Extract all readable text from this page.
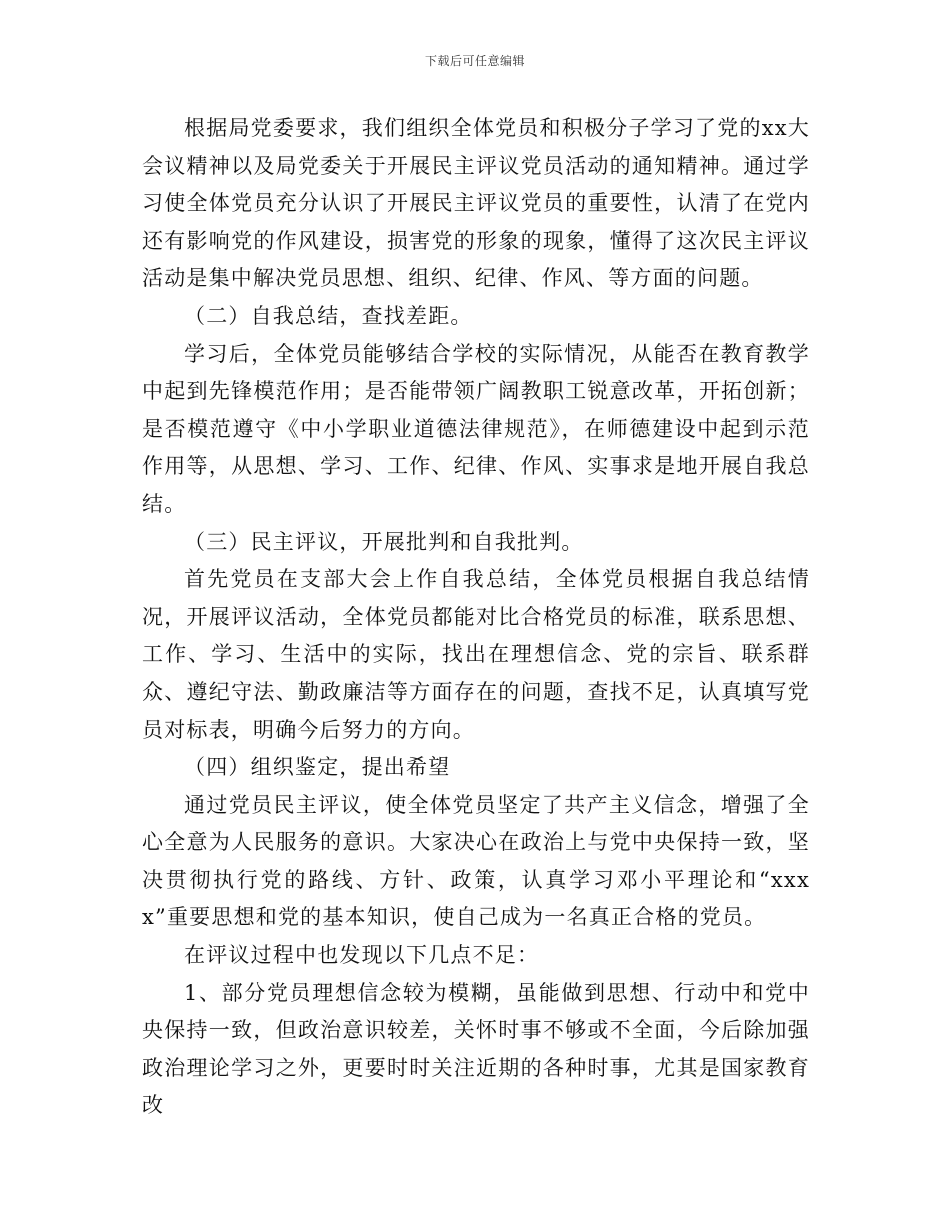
下载后可任意编辑

根据局党委要求，我们组织全体党员和积极分子学习了党的xx大会议精神以及局党委关于开展民主评议党员活动的通知精神。通过学习使全体党员充分认识了开展民主评议党员的重要性，认清了在党内还有影响党的作风建设，损害党的形象的现象，懂得了这次民主评议活动是集中解决党员思想、组织、纪律、作风、等方面的问题。

（二）自我总结，查找差距。

学习后，全体党员能够结合学校的实际情况，从能否在教育教学中起到先锋模范作用；是否能带领广阔教职工锐意改革，开拓创新；是否模范遵守《中小学职业道德法律规范》，在师德建设中起到示范作用等，从思想、学习、工作、纪律、作风、实事求是地开展自我总结。

（三）民主评议，开展批判和自我批判。

首先党员在支部大会上作自我总结，全体党员根据自我总结情况，开展评议活动，全体党员都能对比合格党员的标准，联系思想、工作、学习、生活中的实际，找出在理想信念、党的宗旨、联系群众、遵纪守法、勤政廉洁等方面存在的问题，查找不足，认真填写党员对标表，明确今后努力的方向。

（四）组织鉴定，提出希望

通过党员民主评议，使全体党员坚定了共产主义信念，增强了全心全意为人民服务的意识。大家决心在政治上与党中央保持一致，坚决贯彻执行党的路线、方针、政策，认真学习邓小平理论和“xxxx”重要思想和党的基本知识，使自己成为一名真正合格的党员。

在评议过程中也发现以下几点不足：

1、部分党员理想信念较为模糊，虽能做到思想、行动中和党中央保持一致，但政治意识较差，关怀时事不够或不全面，今后除加强政治理论学习之外，更要时时关注近期的各种时事，尤其是国家教育改
